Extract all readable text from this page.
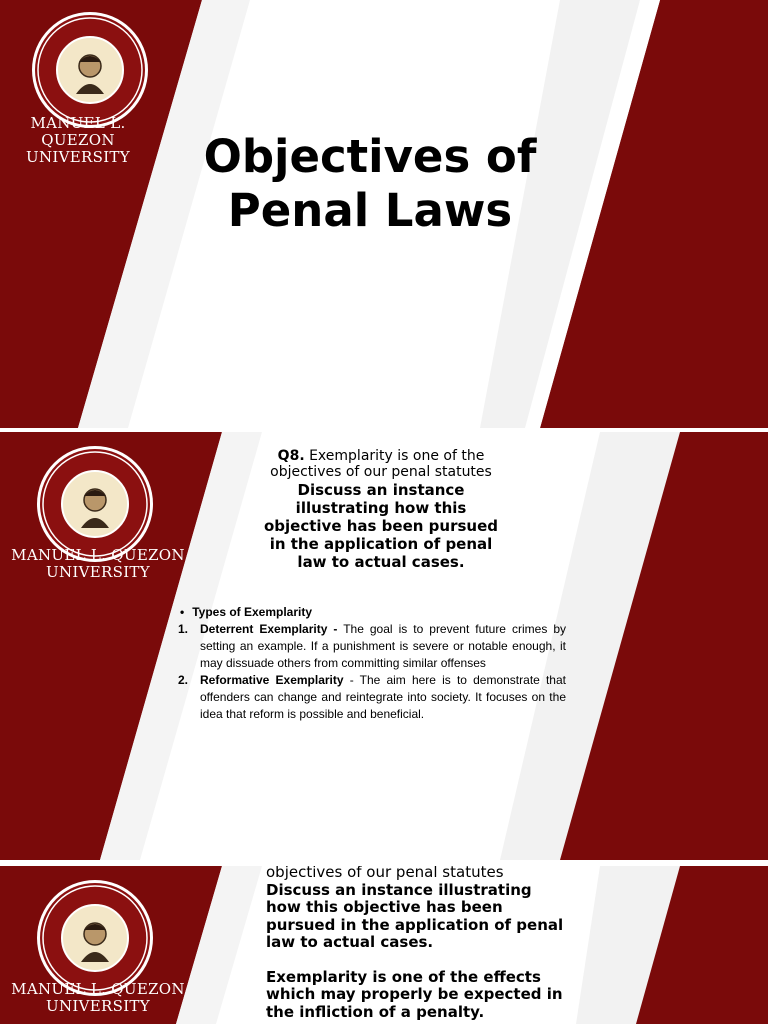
MANUEL L. QUEZON
UNIVERSITY	Objectives of
Penal Laws
MANUEL L. QUEZON
UNIVERSITY
Q8. Exemplarity is one of the
objectives of our penal statutes
Discuss an instance
illustrating how this
objective has been pursued
in the application of penal
law to actual cases.
• Types of Exemplarity
1. Deterrent Exemplarity - The goal is to prevent future crimes by setting an example. If a punishment is severe or notable enough, it may dissuade others from committing similar offenses
2. Reformative Exemplarity - The aim here is to demonstrate that offenders can change and reintegrate into society. It focuses on the idea that reform is possible and beneficial.
MANUEL L. QUEZON
UNIVERSITY
objectives of our penal statutes
Discuss an instance illustrating
how this objective has been
pursued in the application of penal
law to actual cases.
Exemplarity is one of the effects
which may properly be expected in
the infliction of a penalty.
